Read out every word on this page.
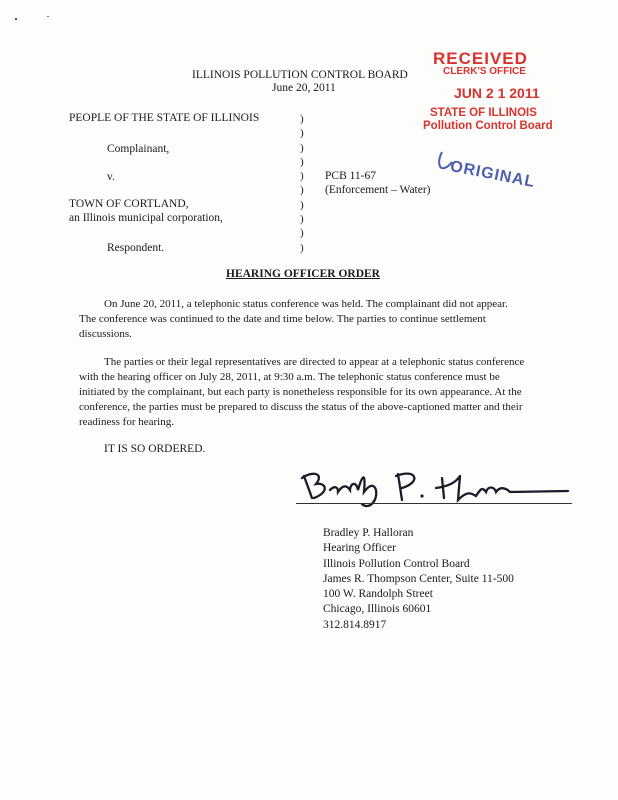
RECEIVED
CLERK'S OFFICE
JUN 2 1 2011
STATE OF ILLINOIS
Pollution Control Board
ORIGINAL
ILLINOIS POLLUTION CONTROL BOARD
June 20, 2011
PEOPLE OF THE STATE OF ILLINOIS
Complainant,
v.
TOWN OF CORTLAND,
an Illinois municipal corporation,
Respondent.
)
)
)
)
)
)
)
)
)
)
PCB 11-67
(Enforcement – Water)
HEARING OFFICER ORDER
On June 20, 2011, a telephonic status conference was held. The complainant did not appear. The conference was continued to the date and time below. The parties to continue settlement discussions.
The parties or their legal representatives are directed to appear at a telephonic status conference with the hearing officer on July 28, 2011, at 9:30 a.m. The telephonic status conference must be initiated by the complainant, but each party is nonetheless responsible for its own appearance. At the conference, the parties must be prepared to discuss the status of the above-captioned matter and their readiness for hearing.
IT IS SO ORDERED.
Bradley P. Halloran
Hearing Officer
Illinois Pollution Control Board
James R. Thompson Center, Suite 11-500
100 W. Randolph Street
Chicago, Illinois 60601
312.814.8917
